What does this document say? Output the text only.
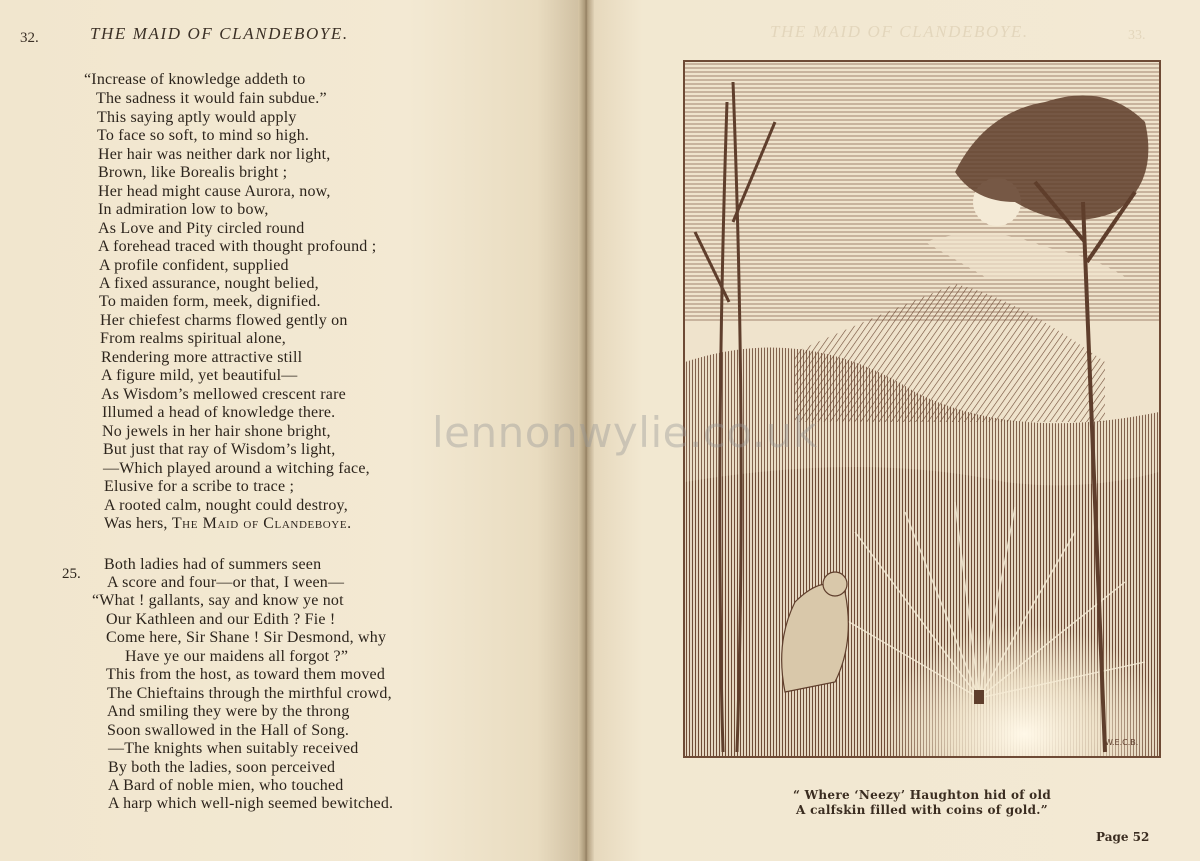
32.	THE MAID OF CLANDEBOYE.	THE MAID OF CLANDEBOYE.	33.
“Increase of knowledge addeth to
The sadness it would fain subdue.”
This saying aptly would apply
To face so soft, to mind so high.
Her hair was neither dark nor light,
Brown, like Borealis bright ;
Her head might cause Aurora, now,
In admiration low to bow,
As Love and Pity circled round
A forehead traced with thought profound ;
A profile confident, supplied
A fixed assurance, nought belied,
To maiden form, meek, dignified.
Her chiefest charms flowed gently on
From realms spiritual alone,
Rendering more attractive still
A figure mild, yet beautiful—
As Wisdom’s mellowed crescent rare
Illumed a head of knowledge there.
No jewels in her hair shone bright,
But just that ray of Wisdom’s light,
—Which played around a witching face,
Elusive for a scribe to trace ;
A rooted calm, nought could destroy,
Was hers, The Maid of Clandeboye.
25.
Both ladies had of summers seen
A score and four—or that, I ween—
“What ! gallants, say and know ye not
Our Kathleen and our Edith ? Fie !
Come here, Sir Shane ! Sir Desmond, why
Have ye our maidens all forgot ?”
This from the host, as toward them moved
The Chieftains through the mirthful crowd,
And smiling they were by the throng
Soon swallowed in the Hall of Song.
—The knights when suitably received
By both the ladies, soon perceived
A Bard of noble mien, who touched
A harp which well-nigh seemed bewitched.
W.E.C.B.
“ Where ‘Neezy’ Haughton hid of old
A calfskin filled with coins of gold.”
Page 52
lennonwylie.co.uk
